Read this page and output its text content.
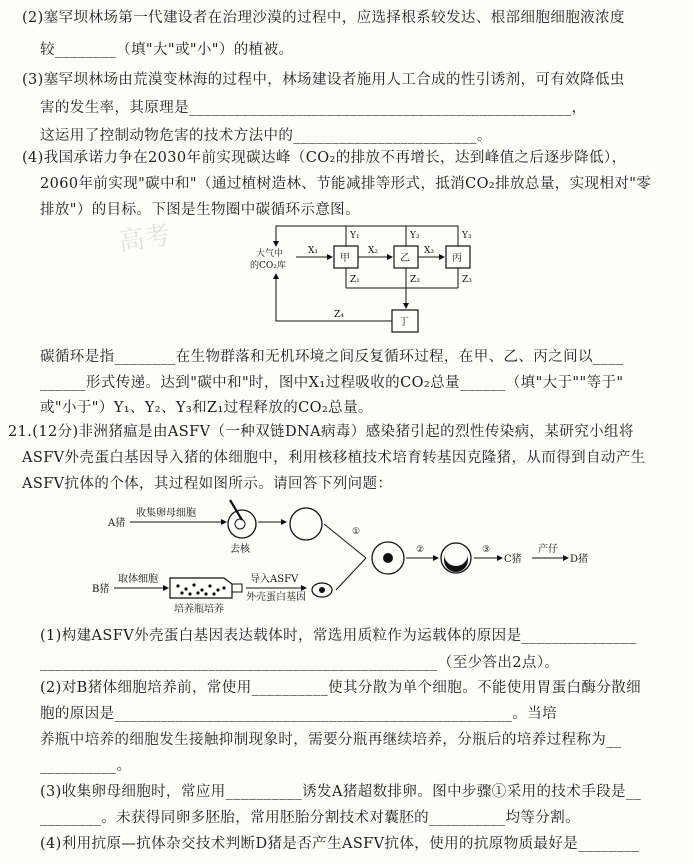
(2)塞罕坝林场第一代建设者在治理沙漠的过程中，应选择根系较发达、根部细胞细胞液浓度
较________（填"大"或"小"）的植被。
(3)塞罕坝林场由荒漠变林海的过程中，林场建设者施用人工合成的性引诱剂，可有效降低虫
害的发生率，其原理是__________________________________________________，
这运用了控制动物危害的技术方法中的________________________。
(4)我国承诺力争在2030年前实现碳达峰（CO₂的排放不再增长，达到峰值之后逐步降低），
2060年前实现"碳中和"（通过植树造林、节能减排等形式，抵消CO₂排放总量，实现相对"零
排放"）的目标。下图是生物圈中碳循环示意图。
碳循环是指________在生物群落和无机环境之间反复循环过程，在甲、乙、丙之间以____
______形式传递。达到"碳中和"时，图中X₁过程吸收的CO₂总量______（填"大于""等于"
或"小于"）Y₁、Y₂、Y₃和Z₁过程释放的CO₂总量。
21.(12分)非洲猪瘟是由ASFV（一种双链DNA病毒）感染猪引起的烈性传染病，某研究小组将
ASFV外壳蛋白基因导入猪的体细胞中，利用核移植技术培育转基因克隆猪，从而得到自动产生
ASFV抗体的个体，其过程如图所示。请回答下列问题：
(1)构建ASFV外壳蛋白基因表达载体时，常选用质粒作为运载体的原因是_______________
____________________________________________________（至少答出2点）。
(2)对B猪体细胞培养前，常使用__________使其分散为单个细胞。不能使用胃蛋白酶分散细
胞的原因是____________________________________________________。当培
养瓶中培养的细胞发生接触抑制现象时，需要分瓶再继续培养，分瓶后的培养过程称为__
__________。
(3)收集卵母细胞时，常应用__________诱发A猪超数排卵。图中步骤①采用的技术手段是__
________。未获得同卵多胚胎，常用胚胎分割技术对囊胚的__________均等分割。
(4)利用抗原—抗体杂交技术判断D猪是否产生ASFV抗体，使用的抗原物质最好是________
高考	大气中
的CO₂库
甲	乙	丙
丁
X₁	X₂	X₃
Y₁	Y₂	Y₃
Z₁	Z₂	Z₃
Z₄
A猪
收集卵母细胞
去核
①
②	③
C猪
产仔
D猪
B猪
取体细胞
培养瓶培养
导入ASFV
外壳蛋白基因
